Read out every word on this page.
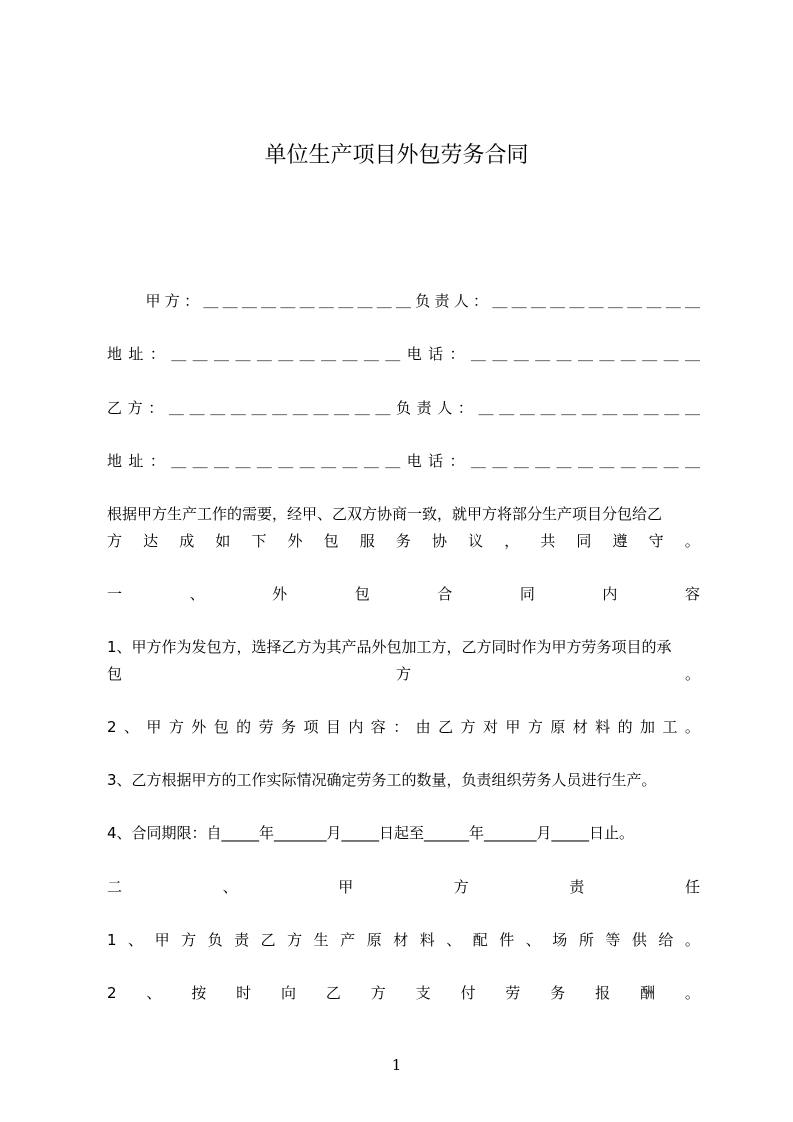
单位生产项目外包劳务合同

甲 方 ： ＿ ＿ ＿ ＿ ＿ ＿ ＿ ＿ ＿ ＿ ＿ 负 责 人 ： ＿ ＿ ＿ ＿ ＿ ＿ ＿ ＿ ＿ ＿ ＿
地 址 ： ＿ ＿ ＿ ＿ ＿ ＿ ＿ ＿ ＿ ＿ ＿ 电 话 ： ＿ ＿ ＿ ＿ ＿ ＿ ＿ ＿ ＿ ＿ ＿
乙 方 ： ＿ ＿ ＿ ＿ ＿ ＿ ＿ ＿ ＿ ＿ ＿ 负 责 人 ： ＿ ＿ ＿ ＿ ＿ ＿ ＿ ＿ ＿ ＿ ＿
地 址 ： ＿ ＿ ＿ ＿ ＿ ＿ ＿ ＿ ＿ ＿ ＿ 电 话 ： ＿ ＿ ＿ ＿ ＿ ＿ ＿ ＿ ＿ ＿ ＿
根据甲方生产工作的需要，经甲、乙双方协商一致，就甲方将部分生产项目分包给乙
方 达 成 如 下 外 包 服 务 协 议 ， 共 同 遵 守 。
一	、	外	包	合	同	内	容
1、甲方作为发包方，选择乙方为其产品外包加工方，乙方同时作为甲方劳务项目的承
包	方	。
2 、 甲 方 外 包 的 劳 务 项 目 内 容 ： 由 乙 方 对 甲 方 原 材 料 的 加 工 。
3、乙方根据甲方的工作实际情况确定劳务工的数量，负责组织劳务人员进行生产。
4、合同期限：自_____年_______月_____日起至______年_______月_____日止。
二	、	甲	方	责	任
1 、 甲 方 负 责 乙 方 生 产 原 材 料 、 配 件 、 场 所 等 供 给 。
2 、 按 时 向 乙 方 支 付 劳 务 报 酬 。
1
